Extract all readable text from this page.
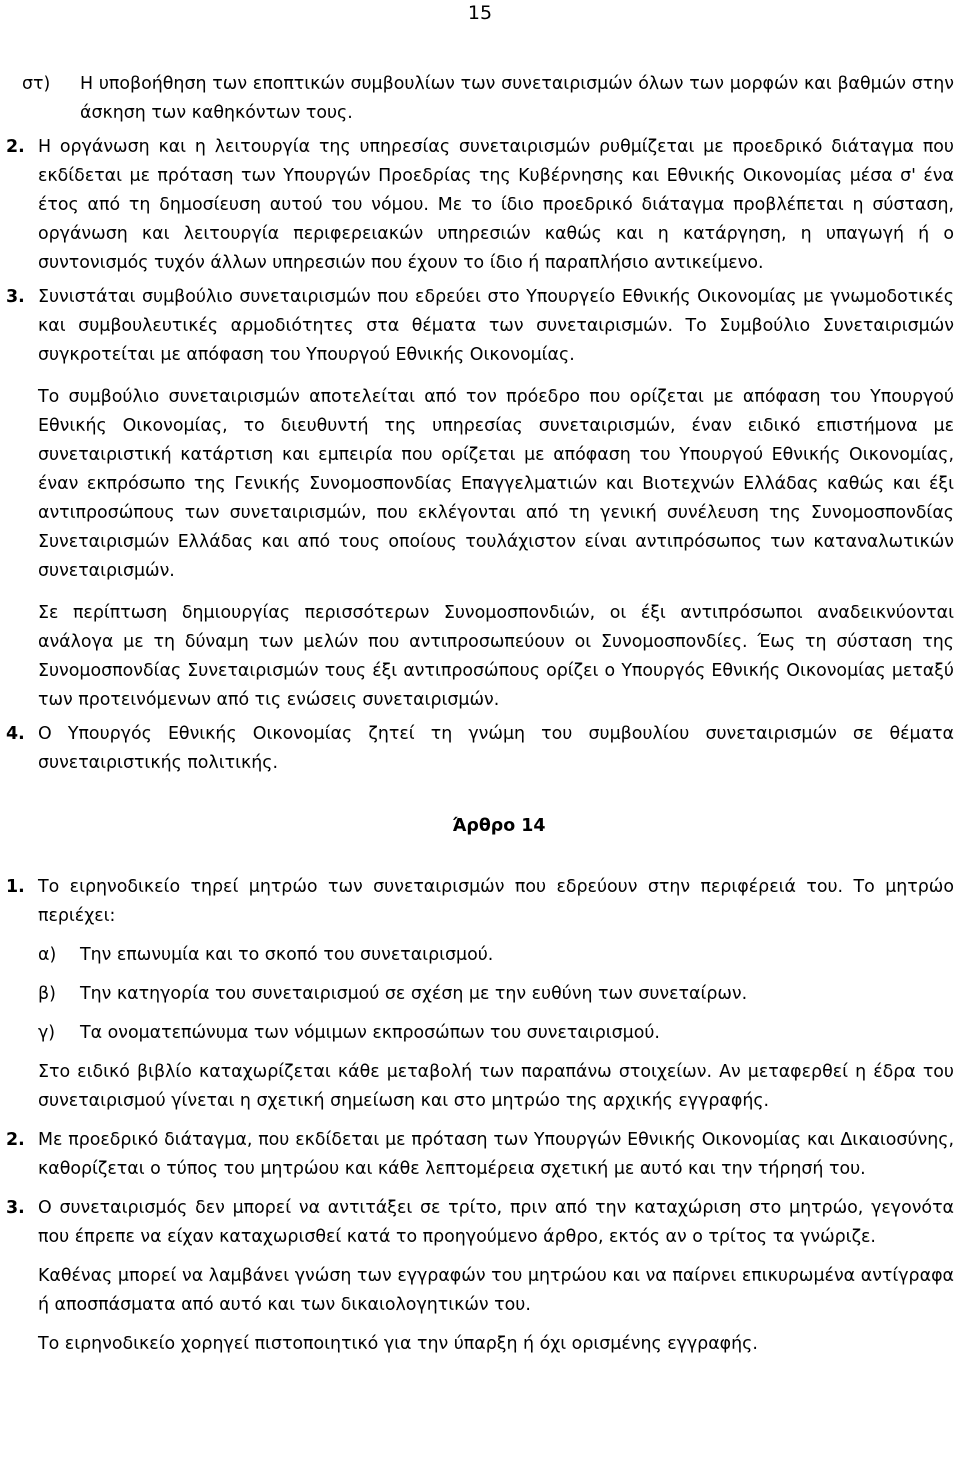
15

στ)	Η υποβοήθηση των εποπτικών συμβουλίων των συνεταιρισμών όλων των μορφών και βαθμών στην άσκηση των καθηκόντων τους.

2. Η οργάνωση και η λειτουργία της υπηρεσίας συνεταιρισμών ρυθμίζεται με προεδρικό διάταγμα που εκδίδεται με πρόταση των Υπουργών Προεδρίας της Κυβέρνησης και Εθνικής Οικονομίας μέσα σ' ένα έτος από τη δημοσίευση αυτού του νόμου. Με το ίδιο προεδρικό διάταγμα προβλέπεται η σύσταση, οργάνωση και λειτουργία περιφερειακών υπηρεσιών καθώς και η κατάργηση, η υπαγωγή ή ο συντονισμός τυχόν άλλων υπηρεσιών που έχουν το ίδιο ή παραπλήσιο αντικείμενο.

3. Συνιστάται συμβούλιο συνεταιρισμών που εδρεύει στο Υπουργείο Εθνικής Οικονομίας με γνωμοδοτικές και συμβουλευτικές αρμοδιότητες στα θέματα των συνεταιρισμών. Το Συμβούλιο Συνεταιρισμών συγκροτείται με απόφαση του Υπουργού Εθνικής Οικονομίας.

Το συμβούλιο συνεταιρισμών αποτελείται από τον πρόεδρο που ορίζεται με απόφαση του Υπουργού Εθνικής Οικονομίας, το διευθυντή της υπηρεσίας συνεταιρισμών, έναν ειδικό επιστήμονα με συνεταιριστική κατάρτιση και εμπειρία που ορίζεται με απόφαση του Υπουργού Εθνικής Οικονομίας, έναν εκπρόσωπο της Γενικής Συνομοσπονδίας Επαγγελματιών και Βιοτεχνών Ελλάδας καθώς και έξι αντιπροσώπους των συνεταιρισμών, που εκλέγονται από τη γενική συνέλευση της Συνομοσπονδίας Συνεταιρισμών Ελλάδας και από τους οποίους τουλάχιστον είναι αντιπρόσωπος των καταναλωτικών συνεταιρισμών.

Σε περίπτωση δημιουργίας περισσότερων Συνομοσπονδιών, οι έξι αντιπρόσωποι αναδεικνύονται ανάλογα με τη δύναμη των μελών που αντιπροσωπεύουν οι Συνομοσπονδίες. Έως τη σύσταση της Συνομοσπονδίας Συνεταιρισμών τους έξι αντιπροσώπους ορίζει ο Υπουργός Εθνικής Οικονομίας μεταξύ των προτεινόμενων από τις ενώσεις συνεταιρισμών.

4. Ο Υπουργός Εθνικής Οικονομίας ζητεί τη γνώμη του συμβουλίου συνεταιρισμών σε θέματα συνεταιριστικής πολιτικής.

Άρθρο 14

1. Το ειρηνοδικείο τηρεί μητρώο των συνεταιρισμών που εδρεύουν στην περιφέρειά του. Το μητρώο περιέχει:

α)	Την επωνυμία και το σκοπό του συνεταιρισμού.

β)	Την κατηγορία του συνεταιρισμού σε σχέση με την ευθύνη των συνεταίρων.

γ)	Τα ονοματεπώνυμα των νόμιμων εκπροσώπων του συνεταιρισμού.

Στο ειδικό βιβλίο καταχωρίζεται κάθε μεταβολή των παραπάνω στοιχείων. Αν μεταφερθεί η έδρα του συνεταιρισμού γίνεται η σχετική σημείωση και στο μητρώο της αρχικής εγγραφής.

2. Με προεδρικό διάταγμα, που εκδίδεται με πρόταση των Υπουργών Εθνικής Οικονομίας και Δικαιοσύνης, καθορίζεται ο τύπος του μητρώου και κάθε λεπτομέρεια σχετική με αυτό και την τήρησή του.

3. Ο συνεταιρισμός δεν μπορεί να αντιτάξει σε τρίτο, πριν από την καταχώριση στο μητρώο, γεγονότα που έπρεπε να είχαν καταχωρισθεί κατά το προηγούμενο άρθρο, εκτός αν ο τρίτος τα γνώριζε.

Καθένας μπορεί να λαμβάνει γνώση των εγγραφών του μητρώου και να παίρνει επικυρωμένα αντίγραφα ή αποσπάσματα από αυτό και των δικαιολογητικών του.

Το ειρηνοδικείο χορηγεί πιστοποιητικό για την ύπαρξη ή όχι ορισμένης εγγραφής.
